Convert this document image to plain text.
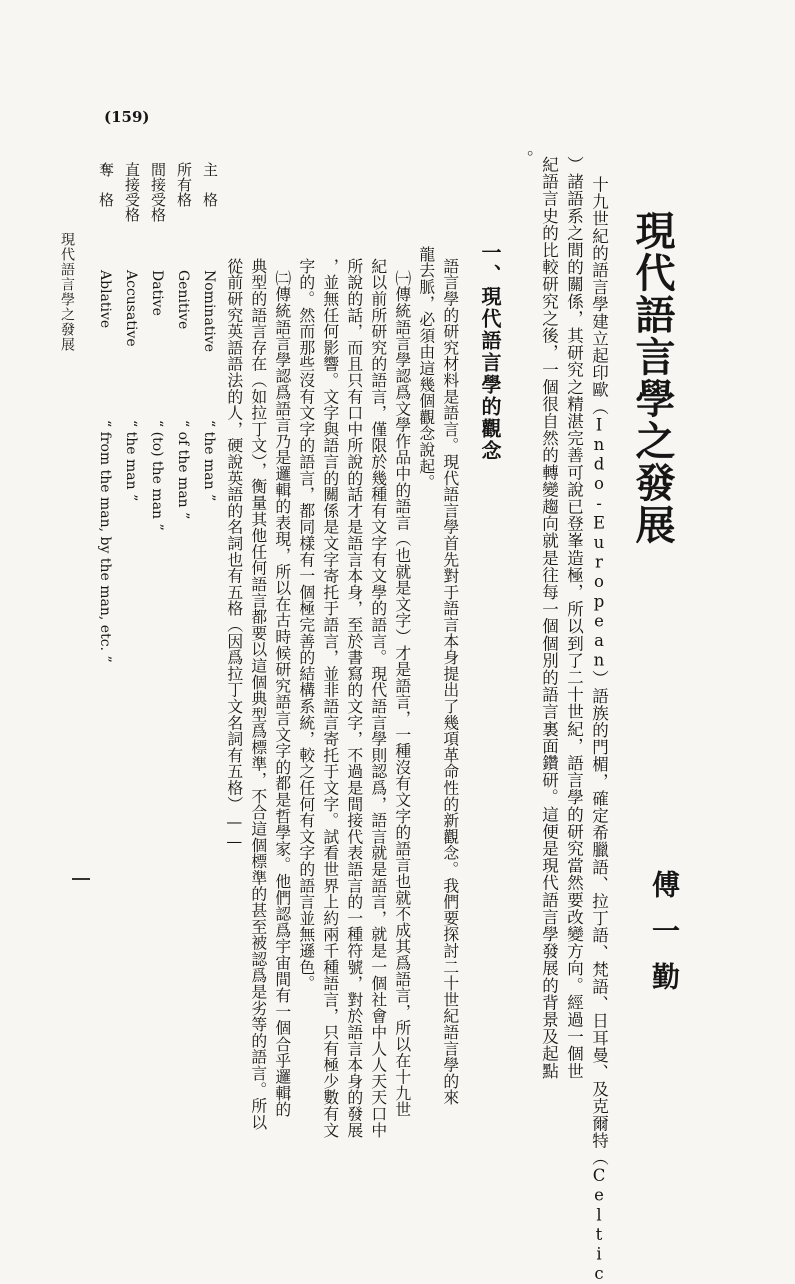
(159)
現代語言學之發展
傅一勤
十九世紀的語言學建立起印歐（Indo-European）語族的門楣，確定希臘語、拉丁語、梵語、日耳曼、及克爾特（Celtic
）諸語系之間的關係，其研究之精湛完善可說已登峯造極，所以到了二十世紀，語言學的研究當然要改變方向。經過一個世
紀語言史的比較研究之後，一個很自然的轉變趨向就是往每一個個別的語言裏面鑽研。這便是現代語言學發展的背景及起點
。
一、現代語言學的觀念
語言學的研究材料是語言。現代語言學首先對于語言本身提出了幾項革命性的新觀念。我們要探討二十世紀語言學的來
龍去脈，必須由這幾個觀念說起。
㈠傳統語言學認爲文學作品中的語言（也就是文字）才是語言，一種沒有文字的語言也就不成其爲語言，所以在十九世
紀以前所研究的語言，僅限於幾種有文字有文學的語言。現代語言學則認爲，語言就是語言，就是一個社會中人人天天口中
所說的話，而且只有口中所說的話才是語言本身，至於書寫的文字，不過是間接代表語言的一種符號，對於語言本身的發展
，並無任何影響。文字與語言的關係是文字寄托于語言，並非語言寄托于文字。試看世界上約兩千種語言，只有極少數有文
字的。然而那些沒有文字的語言，都同樣有一個極完善的結構系統，較之任何有文字的語言並無遜色。
㈡傳統語言學認爲語言乃是邏輯的表現，所以在古時候研究語言文字的都是哲學家。他們認爲宇宙間有一個合乎邏輯的
典型的語言存在（如拉丁文），衡量其他任何語言都要以這個典型爲標準，不合這個標準的甚至被認爲是劣等的語言。所以
從前研究英語語法的人，硬說英語的名詞也有五格（因爲拉丁文名詞有五格）——
主　格
Nominative
“ the man ”
所有格
Genitive
“ of the man ”
間接受格
Dative
“ (to) the man ”
直接受格
Accusative
“ the man ”
奪　格
Ablative
“ from the man, by the man, etc. ”
現代語言學之發展
